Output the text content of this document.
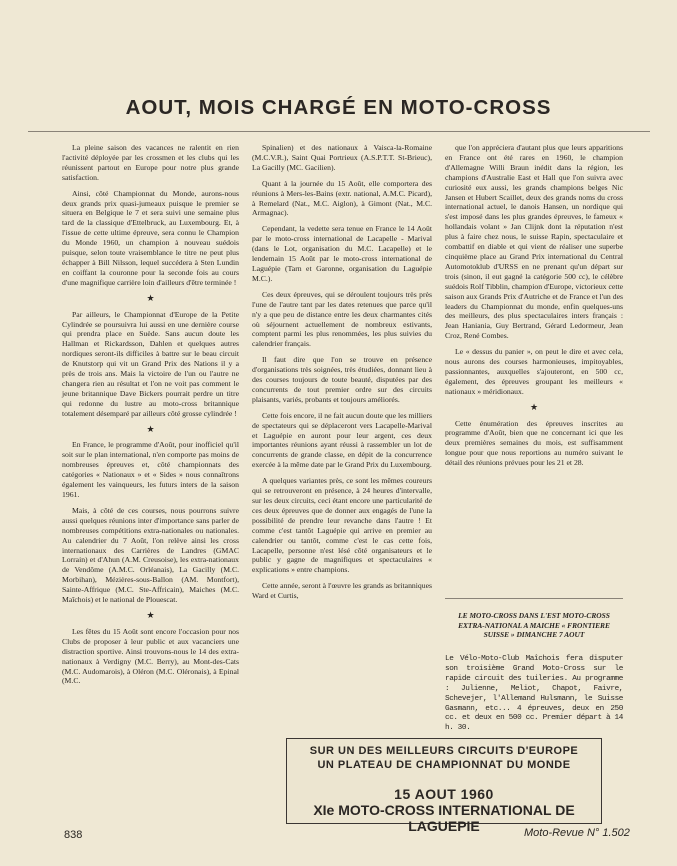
AOUT, MOIS CHARGÉ EN MOTO-CROSS

La pleine saison des vacances ne ralentit en rien l'activité déployée par les crossmen et les clubs qui les réunissent partout en Europe pour notre plus grande satisfaction.

Ainsi, côté Championnat du Monde, aurons-nous deux grands prix quasi-jumeaux puisque le premier se situera en Belgique le 7 et sera suivi une semaine plus tard de la classique d'Ettelbruck, au Luxembourg. Et, à l'issue de cette ultime épreuve, sera connu le Champion du Monde 1960, un champion à nouveau suédois puisque, selon toute vraisemblance le titre ne peut plus échapper à Bill Nilsson, lequel succédera à Sten Lundin en coiffant la couronne pour la seconde fois au cours d'une magnifique carrière loin d'ailleurs d'être terminée !

★

Par ailleurs, le Championnat d'Europe de la Petite Cylindrée se poursuivra lui aussi en une dernière course qui prendra place en Suède. Sans aucun doute les Hallman et Rickardsson, Dahlen et quelques autres nordiques seront-ils difficiles à battre sur le beau circuit de Knutstorp qui vit un Grand Prix des Nations il y a près de trois ans. Mais la victoire de l'un ou l'autre ne changera rien au résultat et l'on ne voit pas comment le jeune britannique Dave Bickers pourrait perdre un titre qui redonne du lustre au moto-cross britannique totalement désemparé par ailleurs côté grosse cylindrée !

★

En France, le programme d'Août, pour inofficiel qu'il soit sur le plan international, n'en comporte pas moins de nombreuses épreuves et, côté championnats des catégories « Nationaux » et « Sides » nous connaîtrons également les vainqueurs, les futurs inters de la saison 1961.

Mais, à côté de ces courses, nous pourrons suivre aussi quelques réunions inter d'importance sans parler de nombreuses compétitions extra-nationales ou nationales. Au calendrier du 7 Août, l'on relève ainsi les cross internationaux des Carrières de Landres (GMAC Lorrain) et d'Ahun (A.M. Creusoise), les extra-nationaux de Vendôme (A.M.C. Orléanais), La Gacilly (M.C. Morbihan), Mézières-sous-Ballon (AM. Montfort), Sainte-Affrique (M.C. Ste-Affricain), Maiches (M.C. Maîchois) et le national de Plouescat.

★

Les fêtes du 15 Août sont encore l'occasion pour nos Clubs de proposer à leur public et aux vacanciers une distraction sportive. Ainsi trouvons-nous le 14 des extra-nationaux à Verdigny (M.C. Berry), au Mont-des-Cats (M.C. Audomarois), à Oléron (M.C. Oléronais), à Epinal (M.C.

Spinalien) et des nationaux à Vaisca-la-Romaine (M.C.V.R.), Saint Quai Portrieux (A.S.P.T.T. St-Brieuc), La Gacilly (MC. Gacilien).

Quant à la journée du 15 Août, elle comportera des réunions à Mers-les-Bains (extr. national, A.M.C. Picard), à Remelard (Nat., M.C. Aiglon), à Gimont (Nat., M.C. Armagnac).

Cependant, la vedette sera tenue en France le 14 Août par le moto-cross international de Lacapelle - Marival (dans le Lot, organisation du M.C. Lacapelle) et le lendemain 15 Août par le moto-cross international de Laguépie (Tarn et Garonne, organisation du Laguépie M.C.).

Ces deux épreuves, qui se déroulent toujours très près l'une de l'autre tant par les dates retenues que parce qu'il n'y a que peu de distance entre les deux charmantes cités où séjournent actuellement de nombreux estivants, comptent parmi les plus renommées, les plus suivies du calendrier français.

Il faut dire que l'on se trouve en présence d'organisations très soignées, très étudiées, donnant lieu à des courses toujours de toute beauté, disputées par des concurrents de tout premier ordre sur des circuits plaisants, variés, probants et toujours améliorés.

Cette fois encore, il ne fait aucun doute que les milliers de spectateurs qui se déplaceront vers Lacapelle-Marival et Laguépie en auront pour leur argent, ces deux importantes réunions ayant réussi à rassembler un lot de concurrents de grande classe, en dépit de la concurrence exercée à la même date par le Grand Prix du Luxembourg.

A quelques variantes près, ce sont les mêmes coureurs qui se retrouveront en présence, à 24 heures d'intervalle, sur les deux circuits, ceci étant encore une particularité de ces deux épreuves que de donner aux engagés de l'une la possibilité de prendre leur revanche dans l'autre ! Et comme c'est tantôt Laguépie qui arrive en premier au calendrier ou tantôt, comme c'est le cas cette fois, Lacapelle, personne n'est lésé côté organisateurs et le public y gagne de magnifiques et spectaculaires « explications » entre champions.

Cette année, seront à l'œuvre les grands as britanniques Ward et Curtis,

que l'on appréciera d'autant plus que leurs apparitions en France ont été rares en 1960, le champion d'Allemagne Willi Braun inédit dans la région, les champions d'Australie East et Hall que l'on suivra avec curiosité eux aussi, les grands champions belges Nic Jansen et Hubert Scaillet, deux des grands noms du cross international actuel, le danois Hansen, un nordique qui s'est imposé dans les plus grandes épreuves, le fameux « hollandais volant » Jan Clijnk dont la réputation n'est plus à faire chez nous, le suisse Rapin, spectaculaire et combattif en diable et qui vient de réaliser une superbe cinquième place au Grand Prix international du Central Automotoklub d'URSS en ne prenant qu'un départ sur trois (sinon, il eut gagné la catégorie 500 cc), le célèbre suédois Rolf Tibblin, champion d'Europe, victorieux cette saison aux Grands Prix d'Autriche et de France et l'un des leaders du Championnat du monde, enfin quelques-uns des meilleurs, des plus spectaculaires inters français : Jean Haniania, Guy Bertrand, Gérard Ledormeur, Jean Croz, René Combes.

Le « dessus du panier », on peut le dire et avec cela, nous aurons des courses harmonieuses, impitoyables, passionnantes, auxquelles s'ajouteront, en 500 cc, également, des épreuves groupant les meilleurs « nationaux » méridionaux.

★

Cette énumération des épreuves inscrites au programme d'Août, bien que ne concernant ici que les deux premières semaines du mois, est suffisamment longue pour que nous reportions au numéro suivant le détail des réunions prévues pour les 21 et 28.

LE MOTO-CROSS DANS L'EST MOTO-CROSS EXTRA-NATIONAL A MAICHE « FRONTIERE SUISSE » DIMANCHE 7 AOUT
Le Vélo-Moto-Club Maîchois fera disputer son troisième Grand Moto-Cross sur le rapide circuit des tuileries. Au programme : Julienne, Meliot, Chapot, Faivre, Schevejer, l'Allemand Hulsmann, le Suisse Gasmann, etc... 4 épreuves, deux en 250 cc. et deux en 500 cc. Premier départ à 14 h. 30.
SUR UN DES MEILLEURS CIRCUITS D'EUROPE
UN PLATEAU DE CHAMPIONNAT DU MONDE
15 AOUT 1960
XIe MOTO-CROSS INTERNATIONAL DE LAGUEPIE
838	Moto-Revue N° 1.502
